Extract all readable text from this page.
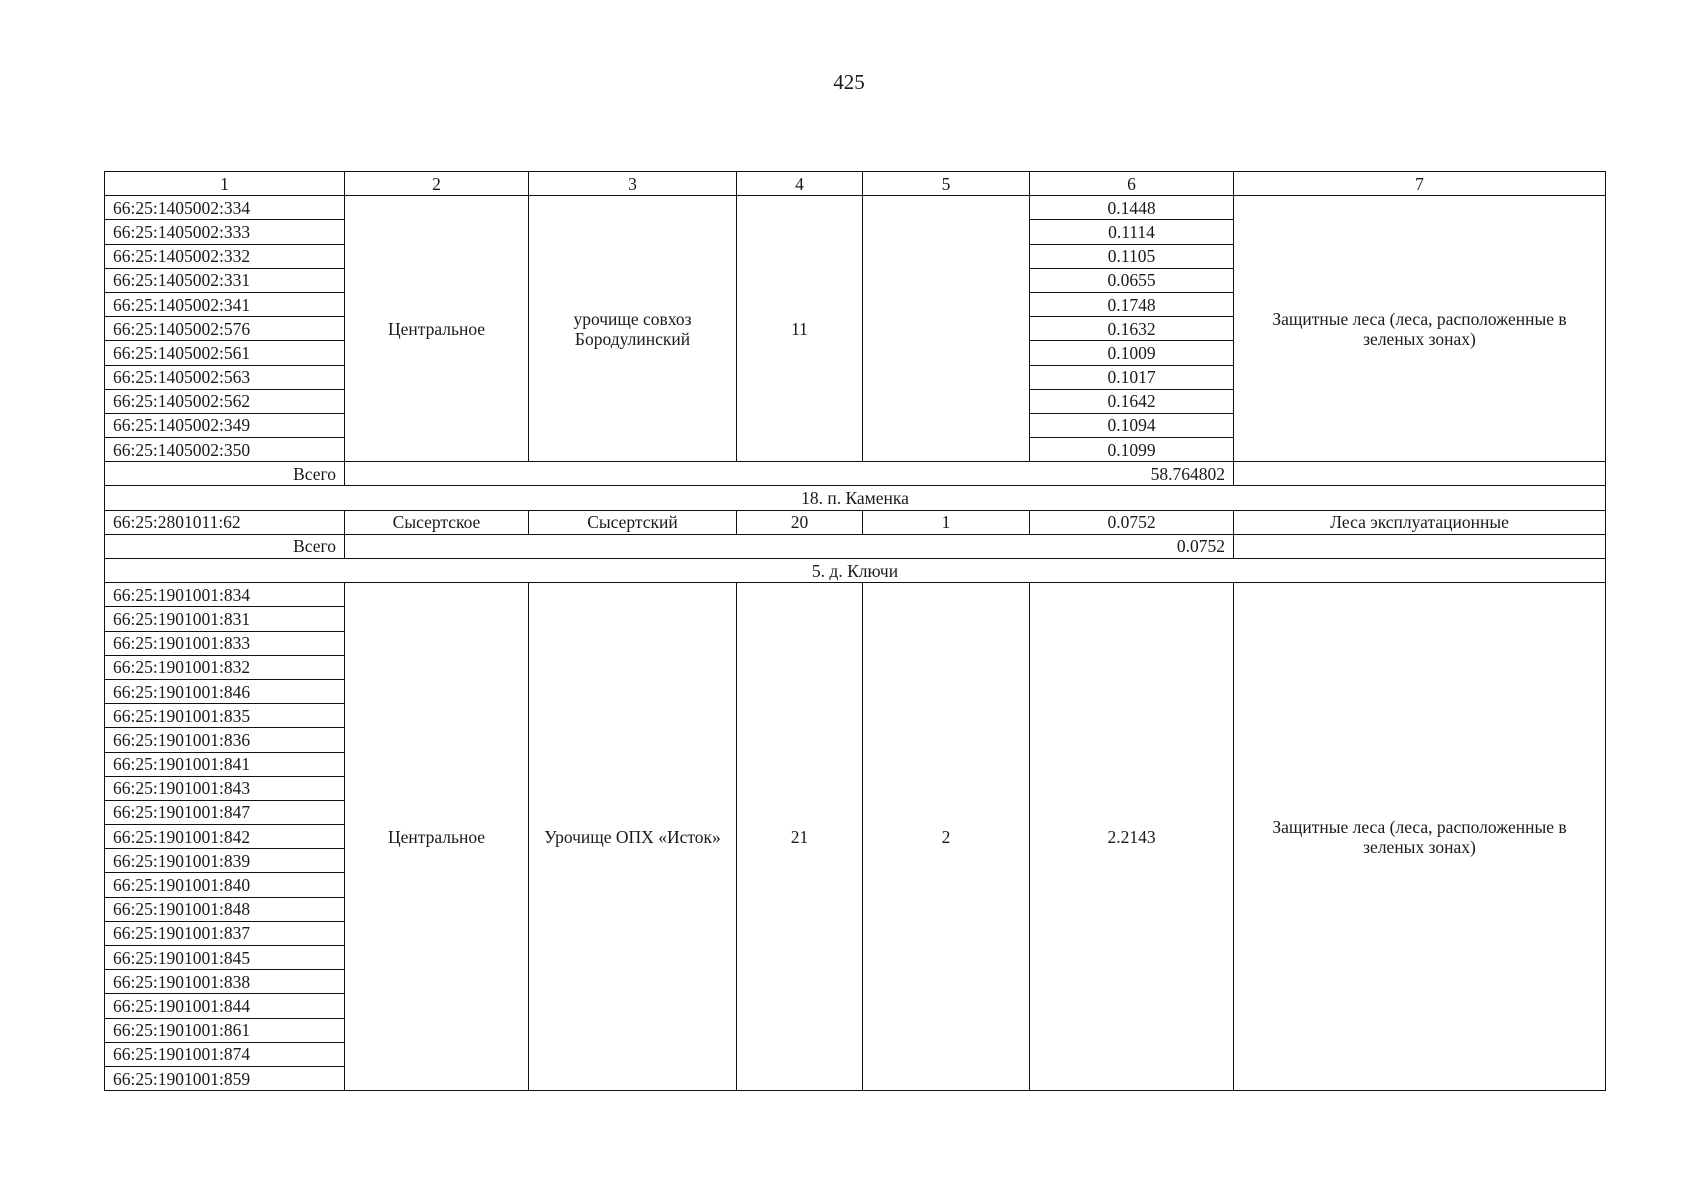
425
1	2	3	4	5	6	7
66:25:1405002:334	Центральное	урочище совхоз Бородулинский	11		0.1448	Защитные леса (леса, расположенные в зеленых зонах)
66:25:1405002:333					0.1114	
66:25:1405002:332					0.1105	
66:25:1405002:331					0.0655	
66:25:1405002:341					0.1748	
66:25:1405002:576					0.1632	
66:25:1405002:561					0.1009	
66:25:1405002:563					0.1017	
66:25:1405002:562					0.1642	
66:25:1405002:349					0.1094	
66:25:1405002:350					0.1099	
Всего	58.764802					
18. п. Каменка						
66:25:2801011:62	Сысертское	Сысертский	20	1	0.0752	Леса эксплуатационные
Всего	0.0752					
5. д. Ключи						
66:25:1901001:834	Центральное	Урочище ОПХ «Исток»	21	2	2.2143	Защитные леса (леса, расположенные в зеленых зонах)
66:25:1901001:831						
66:25:1901001:833						
66:25:1901001:832						
66:25:1901001:846						
66:25:1901001:835						
66:25:1901001:836						
66:25:1901001:841						
66:25:1901001:843						
66:25:1901001:847						
66:25:1901001:842						
66:25:1901001:839						
66:25:1901001:840						
66:25:1901001:848						
66:25:1901001:837						
66:25:1901001:845						
66:25:1901001:838						
66:25:1901001:844						
66:25:1901001:861						
66:25:1901001:874						
66:25:1901001:859						
